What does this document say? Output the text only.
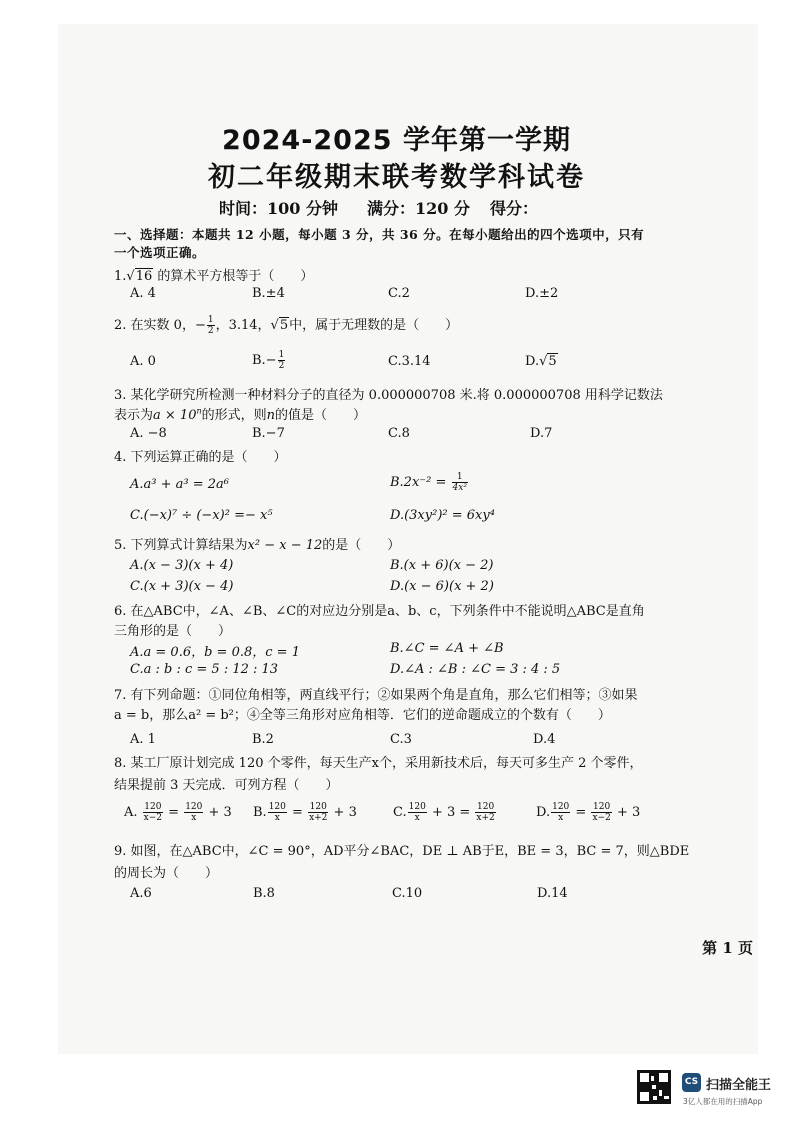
2024-2025 学年第一学期
初二年级期末联考数学科试卷
时间：100 分钟 满分：120 分 得分：
一、选择题：本题共 12 小题，每小题 3 分，共 36 分。在每小题给出的四个选项中，只有
一个选项正确。
1.√16 的算术平方根等于（　　）
A. 4	B.±4	C.2	D.±2
2. 在实数 0，− $\frac{1}{2}$ ，3.14，√5中，属于无理数的是（　　）
A. 0	$B.- \frac{1}{2}$	C.3.14	D.√5
3. 某化学研究所检测一种材料分子的直径为 0.000000708 米.将 0.000000708 用科学记数法
表示为$a \times 10^n$的形式，则n的值是（　　）
A. −8	B.−7	C.8	D.7
4. 下列运算正确的是（　　）
A.a³ + a³ = 2a⁶	$B.2x^{-2} = \frac{1}{\text{4x²}}$
C.(−x)⁷ ÷ (−x)² =− x⁵	D.(3xy²)² = 6xy⁴
5. 下列算式计算结果为x² − x − 12的是（　　）
A.(x − 3)(x + 4)	B.(x + 6)(x − 2)
C.(x + 3)(x − 4)	D.(x − 6)(x + 2)
6. 在△ABC中，∠A、∠B、∠C的对应边分别是a、b、c，下列条件中不能说明△ABC是直角
三角形的是（　　）
A.a = 0.6，b = 0.8，c = 1	B.∠C = ∠A + ∠B
C.a : b : c = 5 : 12 : 13	D.∠A : ∠B : ∠C = 3 : 4 : 5
7. 有下列命题：①同位角相等，两直线平行；②如果两个角是直角，那么它们相等；③如果
a = b，那么a² = b²；④全等三角形对应角相等．它们的逆命题成立的个数有（　　）
A. 1	B.2	C.3	D.4
8. 某工厂原计划完成 120 个零件，每天生产x个，采用新技术后，每天可多生产 2 个零件，
结果提前 3 天完成．可列方程（　　）
A. $\frac{120}{x-2} = \frac{120}{x} + 3$ B. $\frac{120}{x} = \frac{120}{x+2} + 3$	C. $\frac{120}{x} + 3 = \frac{120}{x+2}$	D. $\frac{120}{x} = \frac{120}{x-2} + 3$
9. 如图，在△ABC中，∠C = 90°，AD平分∠BAC，DE ⊥ AB于E，BE = 3，BC = 7，则△BDE
的周长为（　　）
A.6	B.8	C.10	D.14
第 1 页
CS 扫描全能王
3亿人都在用的扫描App
